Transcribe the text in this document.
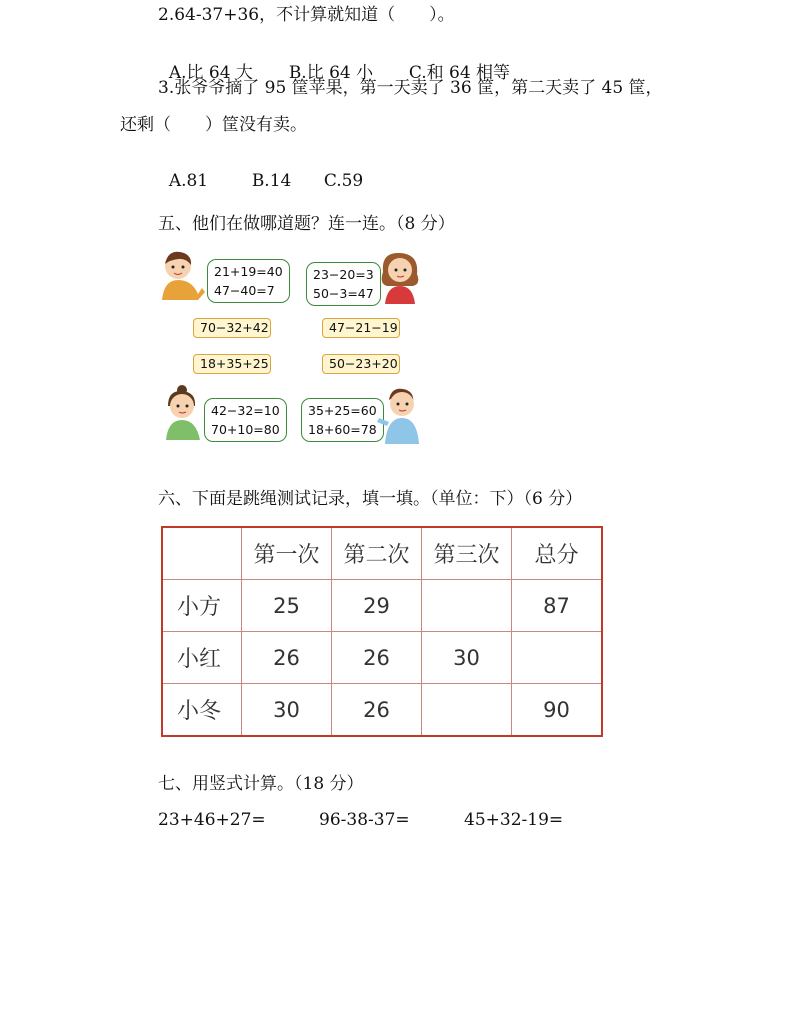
2.64-37+36，不计算就知道（　　）。

A.比 64 大 B.比 64 小 C.和 64 相等

3.张爷爷摘了 95 筐苹果，第一天卖了 36 筐，第二天卖了 45 筐，
还剩（　　）筐没有卖。

A.81	B.14 C.59

五、他们在做哪道题？连一连。（8 分）
21+19=40
47−40=7
23−20=3
50−3=47
70−32+42	47−21−19
18+35+25	50−23+20
42−32=10
70+10=80
35+25=60
18+60=78
六、下面是跳绳测试记录，填一填。（单位：下）（6 分）
	第一次	第二次	第三次	总分
小方	25	29		87
小红	26	26	30	
小冬	30	26		90
七、用竖式计算。（18 分）
23+46+27=	96-38-37=	45+32-19=
